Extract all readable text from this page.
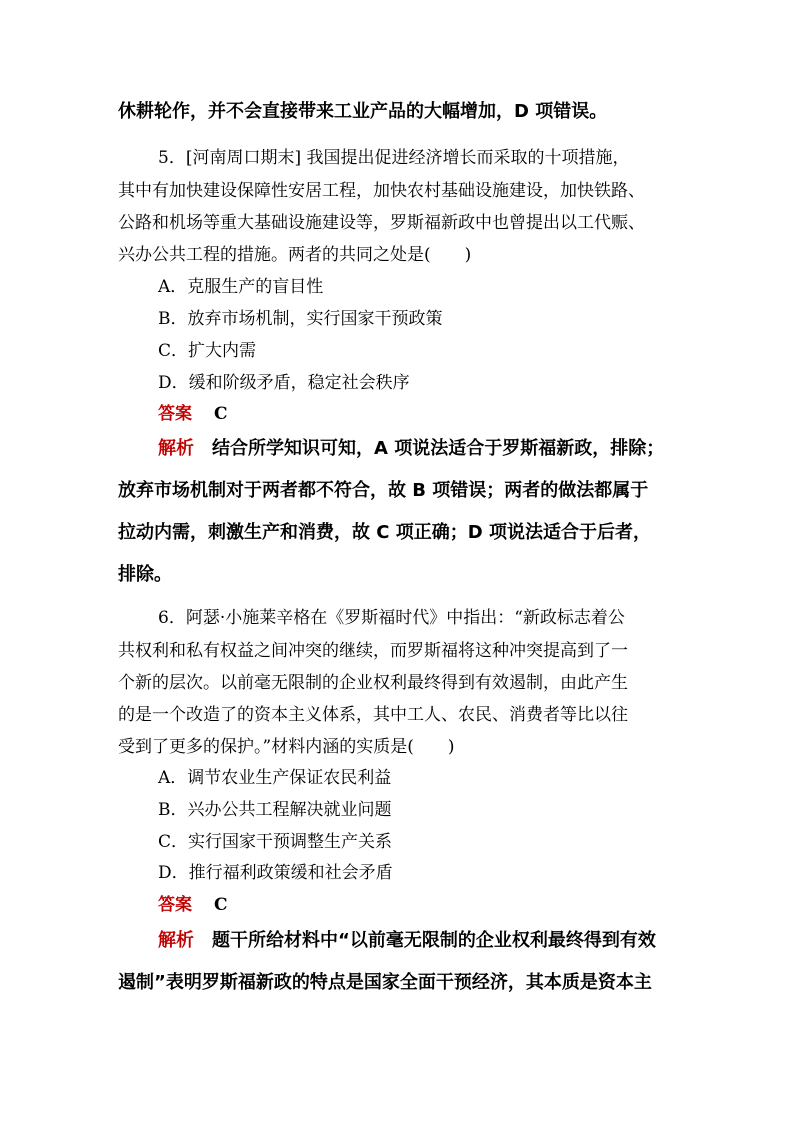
休耕轮作，并不会直接带来工业产品的大幅增加，D 项错误。
5．[河南周口期末] 我国提出促进经济增长而采取的十项措施，
其中有加快建设保障性安居工程，加快农村基础设施建设，加快铁路、
公路和机场等重大基础设施建设等，罗斯福新政中也曾提出以工代赈、
兴办公共工程的措施。两者的共同之处是(　　)
A．克服生产的盲目性
B．放弃市场机制，实行国家干预政策
C．扩大内需
D．缓和阶级矛盾，稳定社会秩序
答案 C
解析 结合所学知识可知，A 项说法适合于罗斯福新政，排除；
放弃市场机制对于两者都不符合，故 B 项错误；两者的做法都属于
拉动内需，刺激生产和消费，故 C 项正确；D 项说法适合于后者，
排除。
6．阿瑟·小施莱辛格在《罗斯福时代》中指出：“新政标志着公
共权利和私有权益之间冲突的继续，而罗斯福将这种冲突提高到了一
个新的层次。以前毫无限制的企业权利最终得到有效遏制，由此产生
的是一个改造了的资本主义体系，其中工人、农民、消费者等比以往
受到了更多的保护。”材料内涵的实质是(　　)
A．调节农业生产保证农民利益
B．兴办公共工程解决就业问题
C．实行国家干预调整生产关系
D．推行福利政策缓和社会矛盾
答案 C
解析 题干所给材料中“以前毫无限制的企业权利最终得到有效
遏制”表明罗斯福新政的特点是国家全面干预经济，其本质是资本主
